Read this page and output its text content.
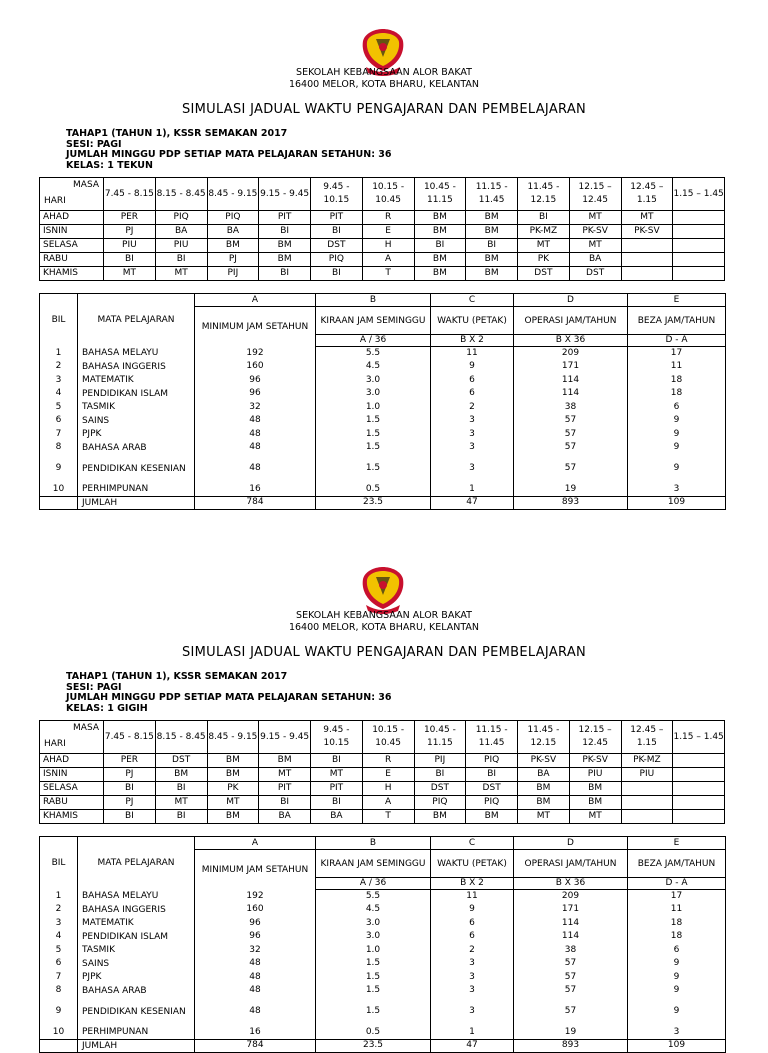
SEKOLAH KEBANGSAAN ALOR BAKAT
16400 MELOR, KOTA BHARU, KELANTAN
SIMULASI JADUAL WAKTU PENGAJARAN DAN PEMBELAJARAN
TAHAP1 (TAHUN 1), KSSR SEMAKAN 2017
SESI: PAGI
JUMLAH MINGGU PDP SETIAP MATA PELAJARAN SETAHUN: 36
KELAS: 1 TEKUN
MASA
HARI	7.45 - 8.15	8.15 - 8.45	8.45 - 9.15	9.15 - 9.45	9.45 - 10.15	10.15 - 10.45	10.45 - 11.15	11.15 - 11.45	11.45 - 12.15	12.15 – 12.45	12.45 – 1.15	1.15 – 1.45
AHAD	PER	PIQ	PIQ	PIT	PIT	R	BM	BM	BI	MT	MT	
ISNIN	PJ	BA	BA	BI	BI	E	BM	BM	PK-MZ	PK-SV	PK-SV	
SELASA	PIU	PIU	BM	BM	DST	H	BI	BI	MT	MT		
RABU	BI	BI	PJ	BM	PIQ	A	BM	BM	PK	BA		
KHAMIS	MT	MT	PIJ	BI	BI	T	BM	BM	DST	DST		
BIL	MATA PELAJARAN	A	B	C	D	E
		MINIMUM JAM SETAHUN	KIRAAN JAM SEMINGGU	WAKTU (PETAK)	OPERASI JAM/TAHUN	BEZA JAM/TAHUN
			A / 36	B X 2	B X 36	D - A
1	BAHASA MELAYU	192	5.5	11	209	17
2	BAHASA INGGERIS	160	4.5	9	171	11
3	MATEMATIK	96	3.0	6	114	18
4	PENDIDIKAN ISLAM	96	3.0	6	114	18
5	TASMIK	32	1.0	2	38	6
6	SAINS	48	1.5	3	57	9
7	PJPK	48	1.5	3	57	9
8	BAHASA ARAB	48	1.5	3	57	9
9	PENDIDIKAN KESENIAN	48	1.5	3	57	9
10	PERHIMPUNAN	16	0.5	1	19	3
	JUMLAH	784	23.5	47	893	109
SEKOLAH KEBANGSAAN ALOR BAKAT
16400 MELOR, KOTA BHARU, KELANTAN
SIMULASI JADUAL WAKTU PENGAJARAN DAN PEMBELAJARAN
TAHAP1 (TAHUN 1), KSSR SEMAKAN 2017
SESI: PAGI
JUMLAH MINGGU PDP SETIAP MATA PELAJARAN SETAHUN: 36
KELAS: 1 GIGIH
MASA
HARI	7.45 - 8.15	8.15 - 8.45	8.45 - 9.15	9.15 - 9.45	9.45 - 10.15	10.15 - 10.45	10.45 - 11.15	11.15 - 11.45	11.45 - 12.15	12.15 – 12.45	12.45 – 1.15	1.15 – 1.45
AHAD	PER	DST	BM	BM	BI	R	PIJ	PIQ	PK-SV	PK-SV	PK-MZ	
ISNIN	PJ	BM	BM	MT	MT	E	BI	BI	BA	PIU	PIU	
SELASA	BI	BI	PK	PIT	PIT	H	DST	DST	BM	BM		
RABU	PJ	MT	MT	BI	BI	A	PIQ	PIQ	BM	BM		
KHAMIS	BI	BI	BM	BA	BA	T	BM	BM	MT	MT		
BIL	MATA PELAJARAN	A	B	C	D	E
		MINIMUM JAM SETAHUN	KIRAAN JAM SEMINGGU	WAKTU (PETAK)	OPERASI JAM/TAHUN	BEZA JAM/TAHUN
			A / 36	B X 2	B X 36	D - A
1	BAHASA MELAYU	192	5.5	11	209	17
2	BAHASA INGGERIS	160	4.5	9	171	11
3	MATEMATIK	96	3.0	6	114	18
4	PENDIDIKAN ISLAM	96	3.0	6	114	18
5	TASMIK	32	1.0	2	38	6
6	SAINS	48	1.5	3	57	9
7	PJPK	48	1.5	3	57	9
8	BAHASA ARAB	48	1.5	3	57	9
9	PENDIDIKAN KESENIAN	48	1.5	3	57	9
10	PERHIMPUNAN	16	0.5	1	19	3
	JUMLAH	784	23.5	47	893	109
